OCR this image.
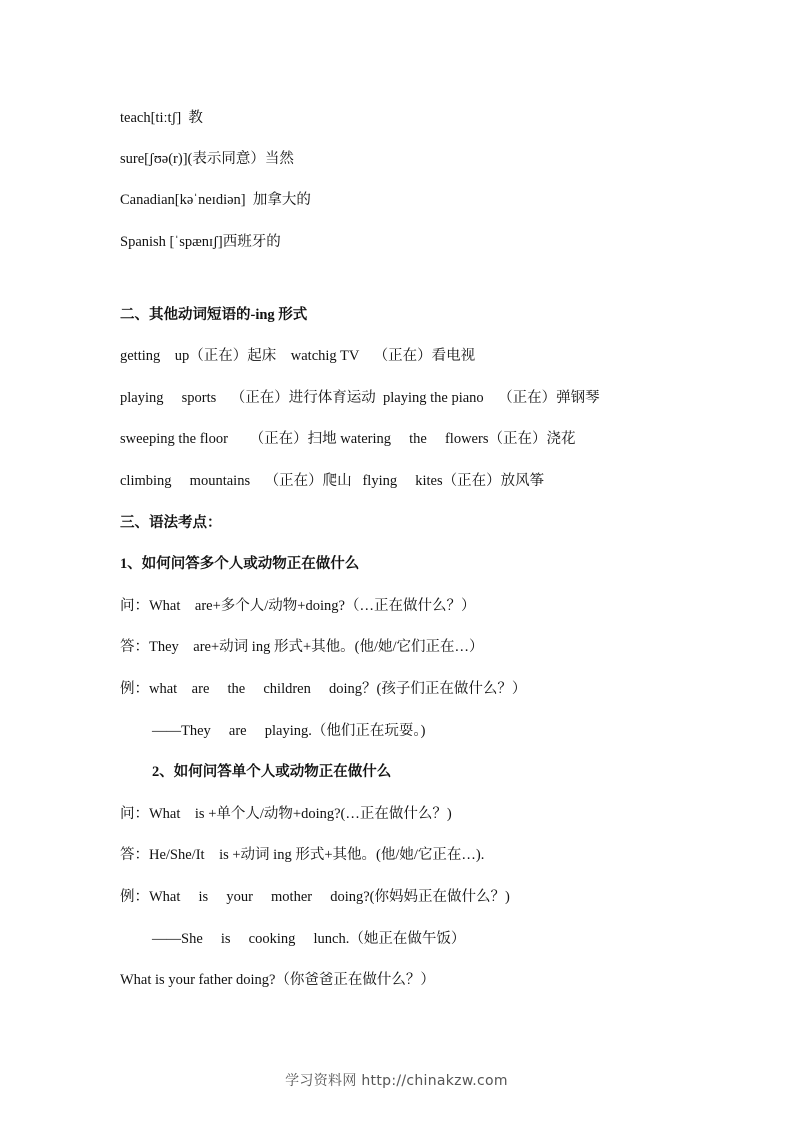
teach[tiːtʃ]  教
sure[ʃʊə(r)](表示同意）当然
Canadian[kəˈneɪdiən]  加拿大的
Spanish [ˈspænɪʃ]西班牙的
二、其他动词短语的-ing 形式
getting    up（正在）起床    watchig TV    （正在）看电视
playing     sports    （正在）进行体育运动  playing the piano    （正在）弹钢琴
sweeping the floor      （正在）扫地 watering     the     flowers（正在）浇花
climbing     mountains    （正在）爬山   flying     kites（正在）放风筝
三、语法考点：
1、如何问答多个人或动物正在做什么
问：What    are+多个人/动物+doing?（…正在做什么？）
答：They    are+动词 ing 形式+其他。(他/她/它们正在…）
例：what    are     the     children     doing？(孩子们正在做什么？）
——They     are     playing.（他们正在玩耍。)
2、如何问答单个人或动物正在做什么
问：What    is +单个人/动物+doing?(…正在做什么？)
答：He/She/It    is +动词 ing 形式+其他。(他/她/它正在…).
例：What     is     your     mother     doing?(你妈妈正在做什么？)
——She     is     cooking     lunch.（她正在做午饭）
What is your father doing?（你爸爸正在做什么？）
学习资料网 http://chinakzw.com
